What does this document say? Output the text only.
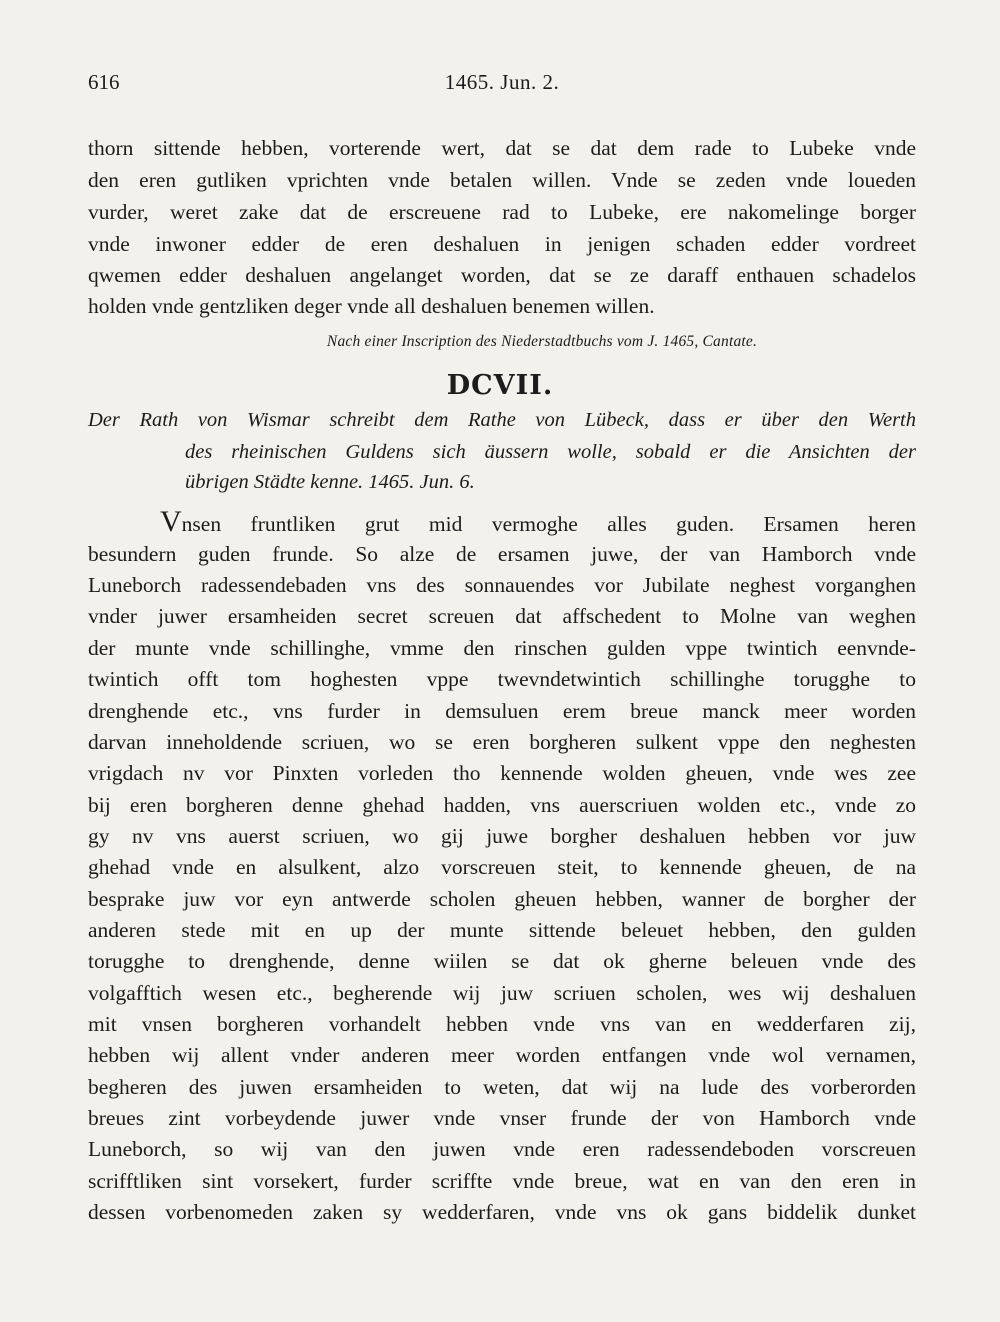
616	1465. Jun. 2.
thorn sittende hebben, vorterende wert, dat se dat dem rade to Lubeke vnde
den eren gutliken vprichten vnde betalen willen. Vnde se zeden vnde loueden
vurder, weret zake dat de erscreuene rad to Lubeke, ere nakomelinge borger
vnde inwoner edder de eren deshaluen in jenigen schaden edder vordreet
qwemen edder deshaluen angelanget worden, dat se ze daraff enthauen schadelos
holden vnde gentzliken deger vnde all deshaluen benemen willen.
Nach einer Inscription des Niederstadtbuchs vom J. 1465, Cantate.
DCVII.
Der Rath von Wismar schreibt dem Rathe von Lübeck, dass er über den Werth
des rheinischen Guldens sich äussern wolle, sobald er die Ansichten der
übrigen Städte kenne. 1465. Jun. 6.
Vnsen fruntliken grut mid vermoghe alles guden. Ersamen heren
besundern guden frunde. So alze de ersamen juwe, der van Hamborch vnde
Luneborch radessendebaden vns des sonnauendes vor Jubilate neghest vorganghen
vnder juwer ersamheiden secret screuen dat affschedent to Molne van weghen
der munte vnde schillinghe, vmme den rinschen gulden vppe twintich eenvnde-
twintich offt tom hoghesten vppe twevndetwintich schillinghe torugghe to
drenghende etc., vns furder in demsuluen erem breue manck meer worden
darvan inneholdende scriuen, wo se eren borgheren sulkent vppe den neghesten
vrigdach nv vor Pinxten vorleden tho kennende wolden gheuen, vnde wes zee
bij eren borgheren denne ghehad hadden, vns auerscriuen wolden etc., vnde zo
gy nv vns auerst scriuen, wo gij juwe borgher deshaluen hebben vor juw
ghehad vnde en alsulkent, alzo vorscreuen steit, to kennende gheuen, de na
besprake juw vor eyn antwerde scholen gheuen hebben, wanner de borgher der
anderen stede mit en up der munte sittende beleuet hebben, den gulden
torugghe to drenghende, denne wiilen se dat ok gherne beleuen vnde des
volgafftich wesen etc., begherende wij juw scriuen scholen, wes wij deshaluen
mit vnsen borgheren vorhandelt hebben vnde vns van en wedderfaren zij,
hebben wij allent vnder anderen meer worden entfangen vnde wol vernamen,
begheren des juwen ersamheiden to weten, dat wij na lude des vorberorden
breues zint vorbeydende juwer vnde vnser frunde der von Hamborch vnde
Luneborch, so wij van den juwen vnde eren radessendeboden vorscreuen
scrifftliken sint vorsekert, furder scriffte vnde breue, wat en van den eren in
dessen vorbenomeden zaken sy wedderfaren, vnde vns ok gans biddelik dunket
